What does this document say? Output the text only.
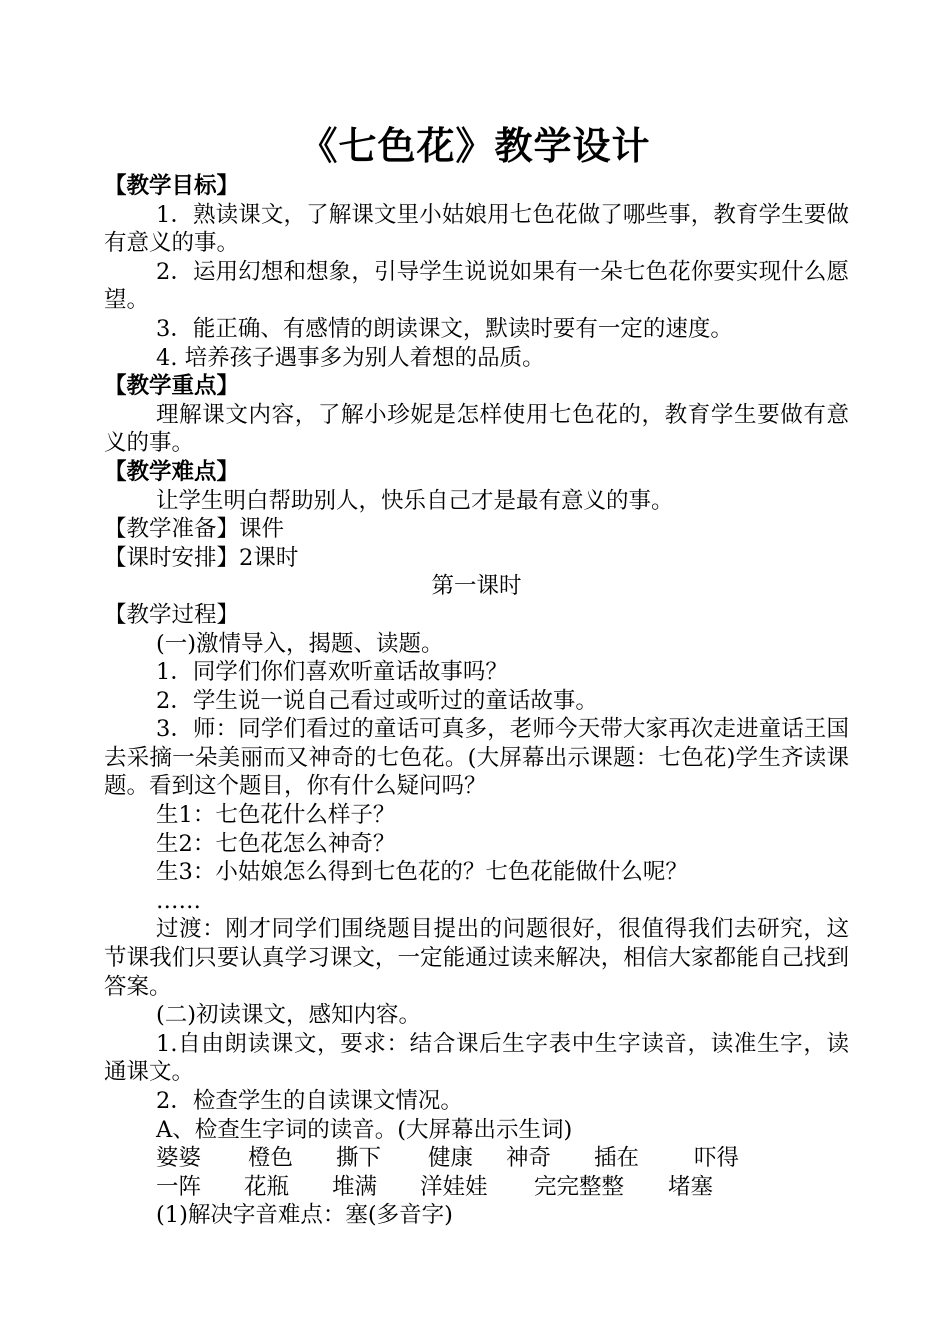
《七色花》教学设计

【教学目标】

1．熟读课文，了解课文里小姑娘用七色花做了哪些事，教育学生要做有意义的事。

2．运用幻想和想象，引导学生说说如果有一朵七色花你要实现什么愿望。

3．能正确、有感情的朗读课文，默读时要有一定的速度。

4. 培养孩子遇事多为别人着想的品质。

【教学重点】

理解课文内容，了解小珍妮是怎样使用七色花的，教育学生要做有意义的事。

【教学难点】

让学生明白帮助别人，快乐自己才是最有意义的事。

【教学准备】课件

【课时安排】2课时

第一课时

【教学过程】

(一)激情导入，揭题、读题。

1．同学们你们喜欢听童话故事吗？

2．学生说一说自己看过或听过的童话故事。

3．师：同学们看过的童话可真多，老师今天带大家再次走进童话王国去采摘一朵美丽而又神奇的七色花。(大屏幕出示课题：七色花)学生齐读课题。看到这个题目，你有什么疑问吗？

生1：七色花什么样子？

生2：七色花怎么神奇？

生3：小姑娘怎么得到七色花的？七色花能做什么呢？

……

过渡：刚才同学们围绕题目提出的问题很好，很值得我们去研究，这节课我们只要认真学习课文，一定能通过读来解决，相信大家都能自己找到答案。

(二)初读课文，感知内容。

1.自由朗读课文，要求：结合课后生字表中生字读音，读准生字，读通课文。

2．检查学生的自读课文情况。

A、检查生字词的读音。(大屏幕出示生词)

婆婆 橙色 撕下 健康 神奇 插在 吓得

一阵 花瓶 堆满 洋娃娃 完完整整 堵塞

(1)解决字音难点：塞(多音字)
